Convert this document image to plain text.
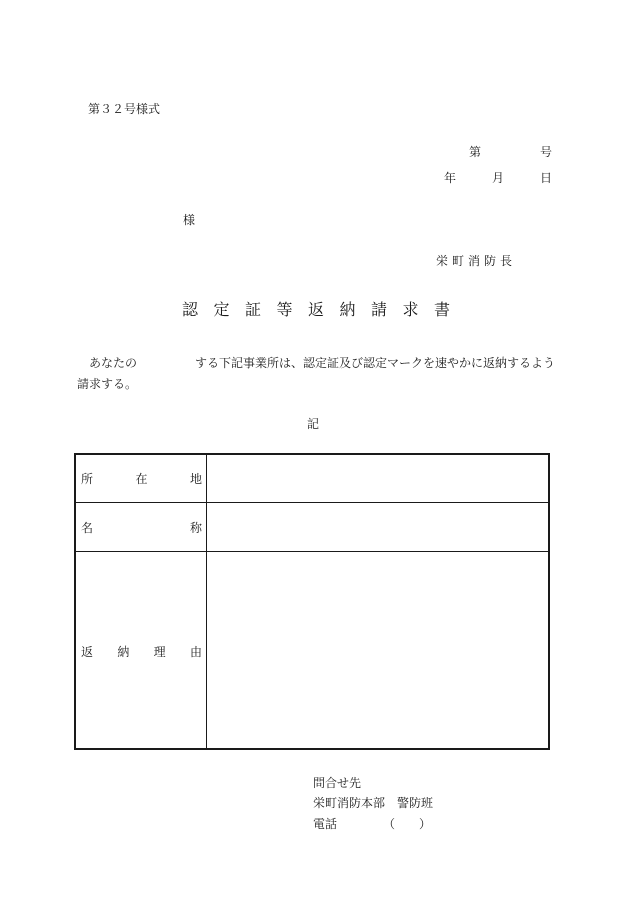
第３２号様式
第	号
年	月	日
様
栄町消防長
認定証等返納請求書
あなたの	する下記事業所は、認定証及び認定マークを速やかに返納するよう
請求する。
記
所	在	地
名	称
返 納 理 由
問合せ先
栄町消防本部　警防班
電話	（　　）
